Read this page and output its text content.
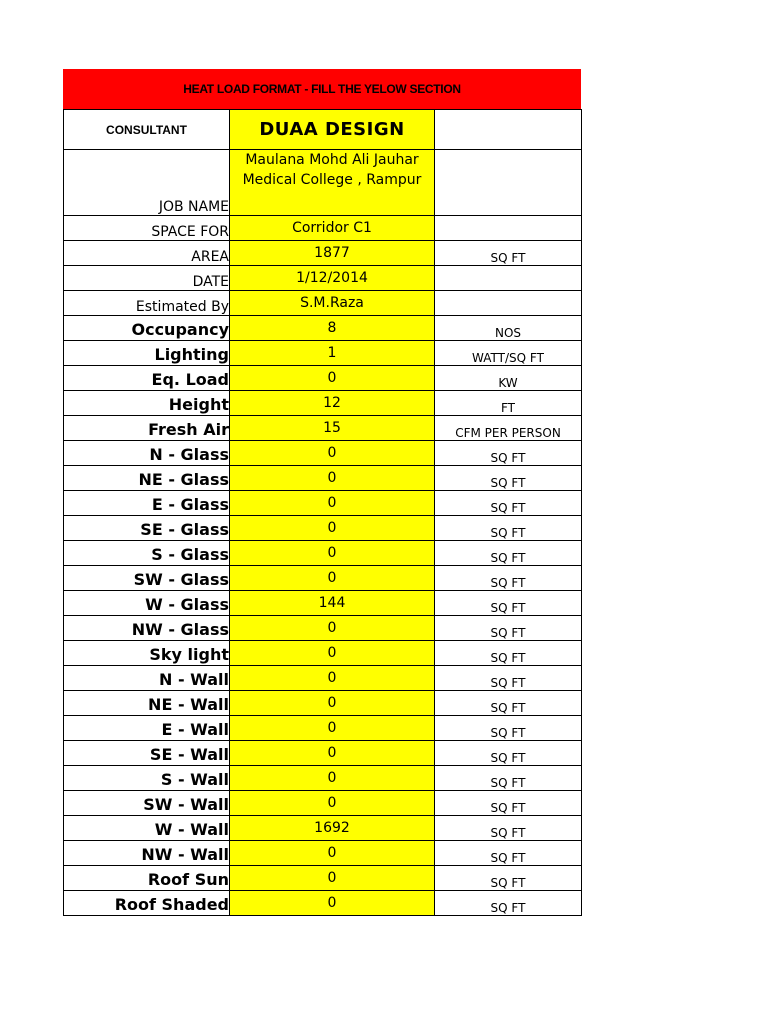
HEAT LOAD FORMAT - FILL THE YELOW SECTION
CONSULTANT	DUAA DESIGN	
JOB NAME	Maulana Mohd Ali Jauhar
Medical College , Rampur	

SPACE FOR	Corridor C1	
AREA	1877	SQ FT
DATE	1/12/2014	
Estimated By	S.M.Raza	
Occupancy	8	NOS
Lighting	1	WATT/SQ FT
Eq. Load	0	KW
Height	12	FT
Fresh Air	15	CFM PER PERSON
N - Glass	0	SQ FT
NE - Glass	0	SQ FT
E - Glass	0	SQ FT
SE - Glass	0	SQ FT
S - Glass	0	SQ FT
SW - Glass	0	SQ FT
W - Glass	144	SQ FT
NW - Glass	0	SQ FT
Sky light	0	SQ FT
N - Wall	0	SQ FT
NE - Wall	0	SQ FT
E - Wall	0	SQ FT
SE - Wall	0	SQ FT
S - Wall	0	SQ FT
SW - Wall	0	SQ FT
W - Wall	1692	SQ FT
NW - Wall	0	SQ FT
Roof Sun	0	SQ FT
Roof Shaded	0	SQ FT
